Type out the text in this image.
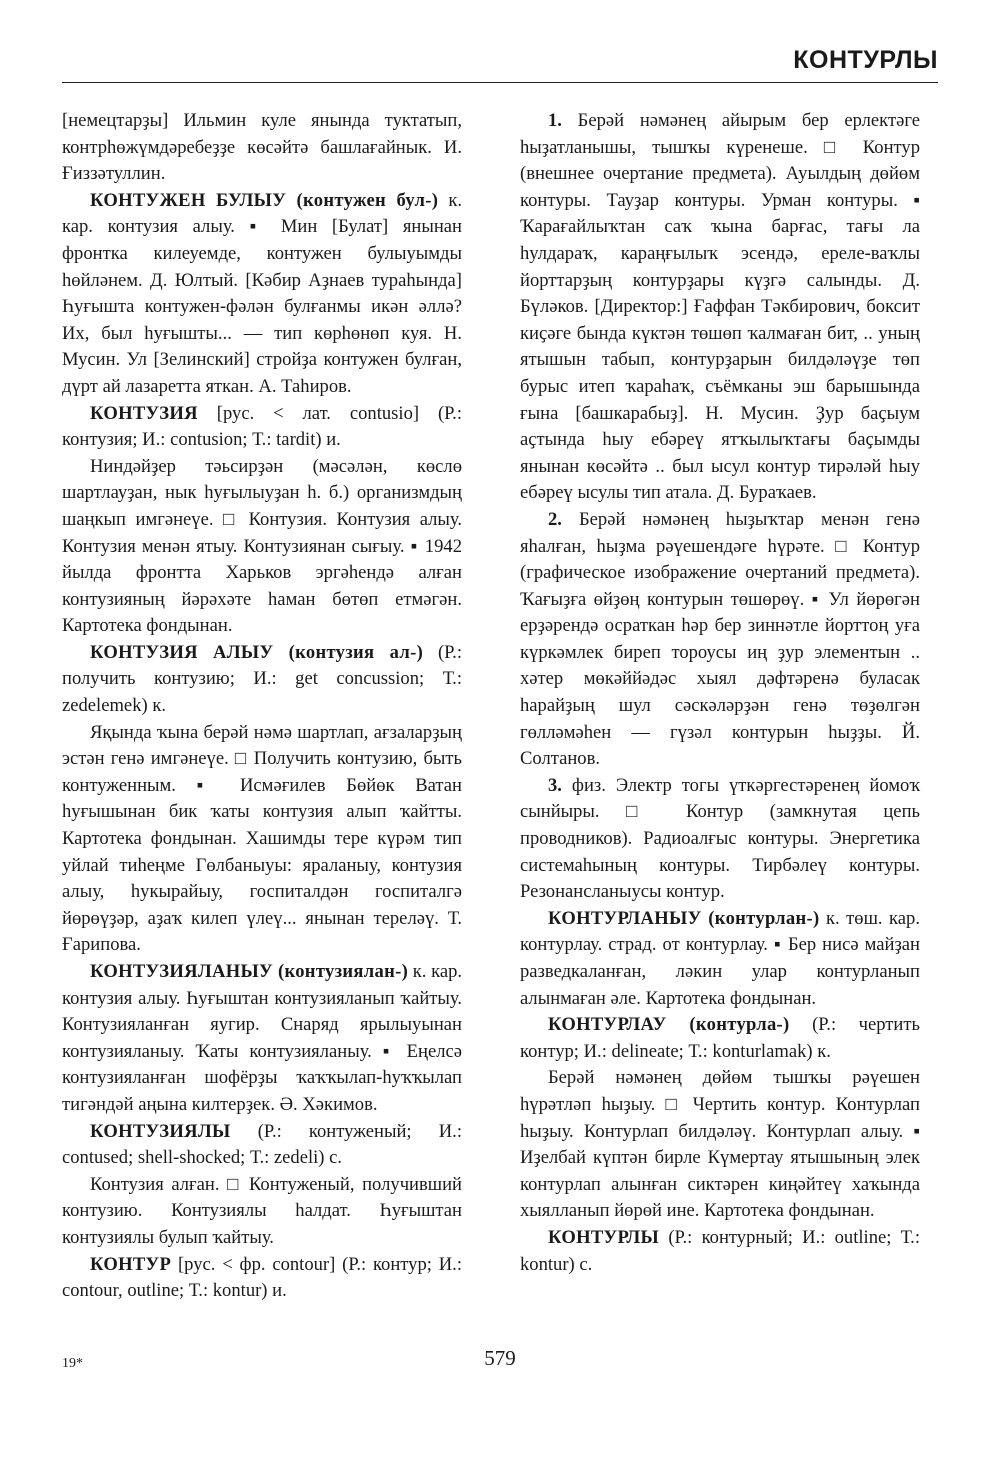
КОНТУРЛЫ

[немецтарҙы] Ильмин куле янында туктатып, контрһөжүмдәребеҙҙе көсәйтә башлағайнык. И. Ғиззәтуллин.

КОНТУЖЕН БУЛЫУ (контужен бул-) к. кар. контузия алыу. ▪ Мин [Булат] янынан фронтка килеуемде, контужен булыуымды һөйләнем. Д. Юлтый. [Кәбир Аҙнаев тураһында] Һуғышта контужен-фәлән булғанмы икән әллә? Их, был һуғышты... — тип көрһөнөп куя. Н. Мусин. Ул [Зелинский] стройҙа контужен булған, дүрт ай лазаретта яткан. А. Таһиров.

КОНТУЗИЯ [рус. < лат. contusio] (Р.: контузия; И.: contusion; Т.: tardit) и.

Ниндәйҙер тәьсирҙән (мәсәлән, көслө шартлауҙан, нык һуғылыуҙан һ. б.) организмдың шаңкып имгәнеүе. □ Контузия. Контузия алыу. Контузия менән ятыу. Контузиянан сығыу. ▪ 1942 йылда фронтта Харьков эргәһендә алған контузияның йәрәхәте һаман бөтөп етмәгән. Картотека фондынан.

КОНТУЗИЯ АЛЫУ (контузия ал-) (Р.: получить контузию; И.: get concussion; Т.: zedelemek) к.

Яқында ҡына берәй нәмә шартлап, ағзаларҙың эстән генә имгәнеүе. □ Получить контузию, быть контуженным. ▪ Исмәғилев Бөйөк Ватан һуғышынан бик ҡаты контузия алып ҡайтты. Картотека фондынан. Хашимды тере күрәм тип уйлай тиһеңме Гөлбаныуы: яраланыу, контузия алыу, һукырайыу, госпиталдән госпиталгә йөрөүҙәр, аҙаҡ килеп үлеү... янынан тереләү. Т. Ғарипова.

КОНТУЗИЯЛАНЫУ (контузиялан-) к. кар. контузия алыу. Һуғыштан контузияланып ҡайтыу. Контузияланған яугир. Снаряд ярылыуынан контузияланыу. Ҡаты контузияланыу. ▪ Еңелсә контузияланған шофёрҙы ҡаҡҡылап-һуҡҡылап тигәндәй аңына килтерҙек. Ә. Хәкимов.

КОНТУЗИЯЛЫ (Р.: контуженый; И.: contused; shell-shocked; Т.: zedeli) с.

Контузия алған. □ Контуженый, получивший контузию. Контузиялы һалдат. Һуғыштан контузиялы булып ҡайтыу.

КОНТУР [рус. < фр. contour] (Р.: контур; И.: contour, outline; Т.: kontur) и.

1. Берәй нәмәнең айырым бер ерлектәге һыҙатланышы, тышҡы күренеше. □ Контур (внешнее очертание предмета). Ауылдың дөйөм контуры. Тауҙар контуры. Урман контуры. ▪ Ҡарағайлыҡтан саҡ ҡына барғас, тағы ла һулдараҡ, караңғылыҡ эсендә, ереле-ваҡлы йорттарҙың контурҙары күҙгә салынды. Д. Бүләков. [Директор:] Ғаффан Тәкбирович, боксит киҫәге бында күктән төшөп ҡалмаған бит, .. уның ятышын табып, контурҙарын билдәләүҙе төп бурыс итеп ҡараһаҡ, съёмканы эш барышында ғына [башкарабыҙ]. Н. Мусин. Ҙур баҫыум аҫтында һыу ебәреү ятҡылыҡтағы баҫымды янынан көсәйтә .. был ысул контур тирәләй һыу ебәреү ысулы тип атала. Д. Бураҡаев.

2. Берәй нәмәнең һыҙыҡтар менән генә яһалған, һыҙма рәүешендәге һүрәте. □ Контур (графическое изображение очертаний предмета). Ҡағыҙға өйҙөң контурын төшөрөү. ▪ Ул йөрөгән ерҙәрендә осраткан һәр бер зиннәтле йорттоң уға күркәмлек биреп тороусы иң ҙур элементын .. хәтер мөкәййәдәс хыял дәфтәренә буласак һарайҙың шул сәскәләрҙән генә төҙөлгән гөлләмәһен — гүзәл контурын һыҙҙы. Й. Солтанов.

3. физ. Электр тогы үткәргестәренең йомоҡ сынйыры. □ Контур (замкнутая цепь проводников). Радиоалғыс контуры. Энергетика системаһының контуры. Тирбәлеү контуры. Резонансланыусы контур.

КОНТУРЛАНЫУ (контурлан-) к. төш. кар. контурлау. страд. от контурлау. ▪ Бер нисә майҙан разведкаланған, ләкин улар контурланып алынмаған әле. Картотека фондынан.

КОНТУРЛАУ (контурла-) (Р.: чертить контур; И.: delineate; Т.: konturlamak) к.

Берәй нәмәнең дөйөм тышҡы рәүешен һүрәтләп һыҙыу. □ Чертить контур. Контурлап һыҙыу. Контурлап билдәләү. Контурлап алыу. ▪ Иҙелбай күптән бирле Күмертау ятышының элек контурлап алынған сиктәрен киңәйтеү хаҡында хыялланып йөрөй ине. Картотека фондынан.

КОНТУРЛЫ (Р.: контурный; И.: outline; Т.: kontur) с.

19*	579
